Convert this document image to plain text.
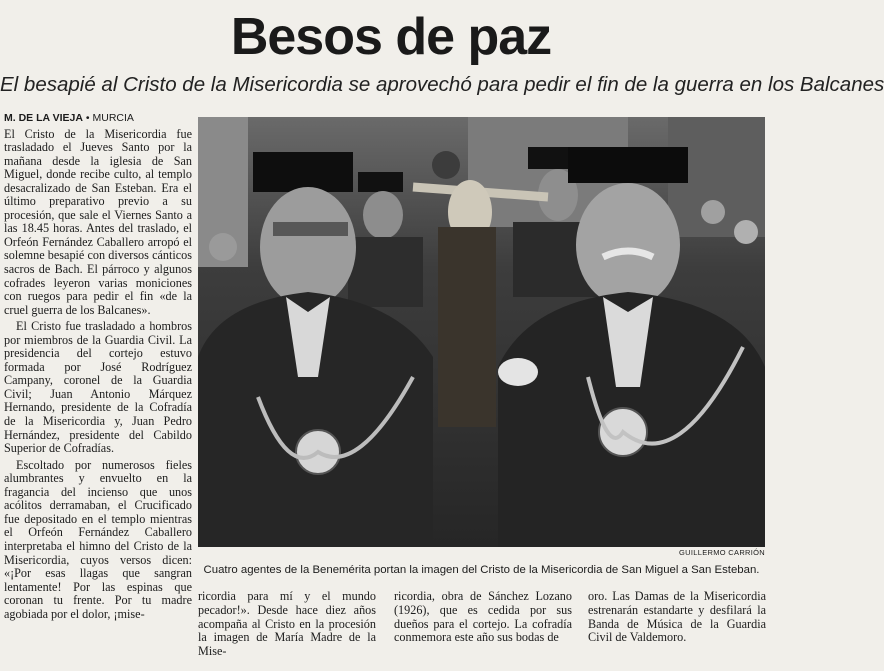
Besos de paz
El besapié al Cristo de la Misericordia se aprovechó para pedir el fin de la guerra en los Balcanes
M. DE LA VIEJA • MURCIA

El Cristo de la Misericordia fue trasladado el Jueves Santo por la mañana desde la iglesia de San Miguel, donde recibe culto, al templo desacralizado de San Esteban. Era el último preparativo previo a su procesión, que sale el Viernes Santo a las 18.45 horas. Antes del traslado, el Orfeón Fernández Caballero arropó el solemne besapié con diversos cánticos sacros de Bach. El párroco y algunos cofrades leyeron varias moniciones con ruegos para pedir el fin «de la cruel guerra de los Balcanes».

El Cristo fue trasladado a hombros por miembros de la Guardia Civil. La presidencia del cortejo estuvo formada por José Rodríguez Campany, coronel de la Guardia Civil; Juan Antonio Márquez Hernando, presidente de la Cofradía de la Misericordia y, Juan Pedro Hernández, presidente del Cabildo Superior de Cofradías.

Escoltado por numerosos fieles alumbrantes y envuelto en la fragancia del incienso que unos acólitos derramaban, el Crucificado fue depositado en el templo mientras el Orfeón Fernández Caballero interpretaba el himno del Cristo de la Misericordia, cuyos versos dicen: «¡Por esas llagas que sangran lentamente! Por las espinas que coronan tu frente. Por tu madre agobiada por el dolor, ¡mise-

GUILLERMO CARRIÓN
Cuatro agentes de la Benemérita portan la imagen del Cristo de la Misericordia de San Miguel a San Esteban.

ricordia para mí y el mundo pecador!». Desde hace diez años acompaña al Cristo en la procesión la imagen de María Madre de la Mise-

ricordia, obra de Sánchez Lozano (1926), que es cedida por sus dueños para el cortejo. La cofradía conmemora este año sus bodas de

oro. Las Damas de la Misericordia estrenarán estandarte y desfilará la Banda de Música de la Guardia Civil de Valdemoro.
